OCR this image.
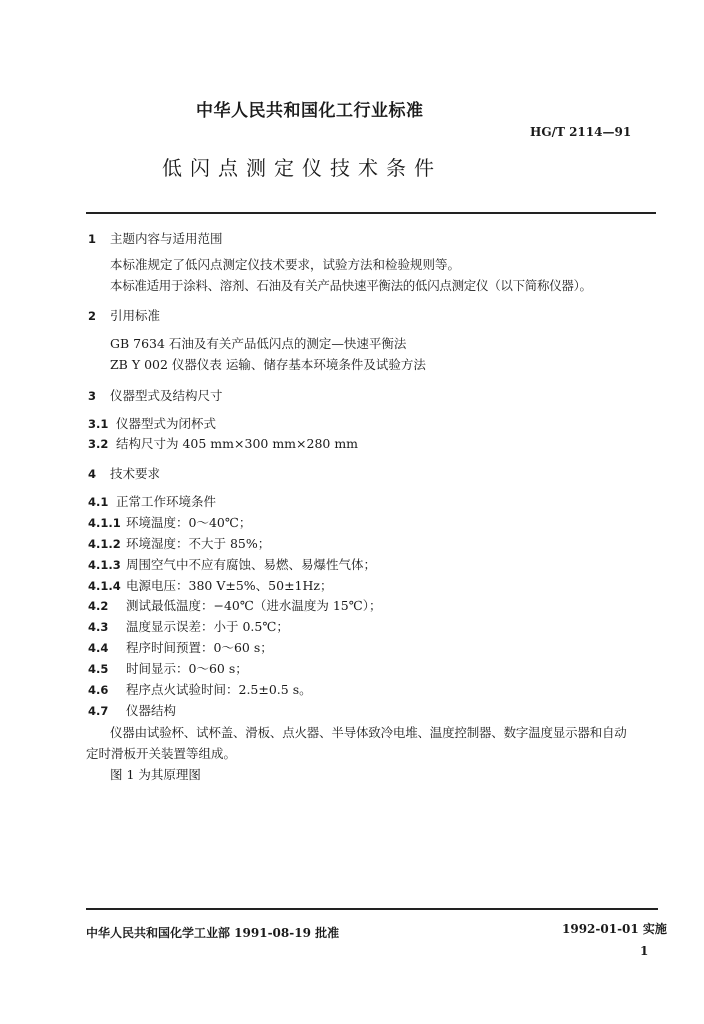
中华人民共和国化工行业标准
HG/T 2114—91
低闪点测定仪技术条件
1 主题内容与适用范围
本标准规定了低闪点测定仪技术要求，试验方法和检验规则等。
本标准适用于涂料、溶剂、石油及有关产品快速平衡法的低闪点测定仪（以下简称仪器）。
2 引用标准
GB 7634 石油及有关产品低闪点的测定—快速平衡法
ZB Y 002 仪器仪表 运输、储存基本环境条件及试验方法
3 仪器型式及结构尺寸
3.1 仪器型式为闭杯式
3.2 结构尺寸为 405 mm×300 mm×280 mm
4 技术要求
4.1 正常工作环境条件
4.1.1 环境温度：0～40℃；
4.1.2 环境湿度：不大于 85%；
4.1.3 周围空气中不应有腐蚀、易燃、易爆性气体；
4.1.4 电源电压：380 V±5%、50±1Hz；
4.2 测试最低温度：−40℃（进水温度为 15℃）；
4.3 温度显示误差：小于 0.5℃；
4.4 程序时间预置：0～60 s；
4.5 时间显示：0～60 s；
4.6 程序点火试验时间：2.5±0.5 s。
4.7 仪器结构
仪器由试验杯、试杯盖、滑板、点火器、半导体致冷电堆、温度控制器、数字温度显示器和自动
定时滑板开关装置等组成。
图 1 为其原理图
中华人民共和国化学工业部 1991-08-19 批准	1992-01-01 实施
1
